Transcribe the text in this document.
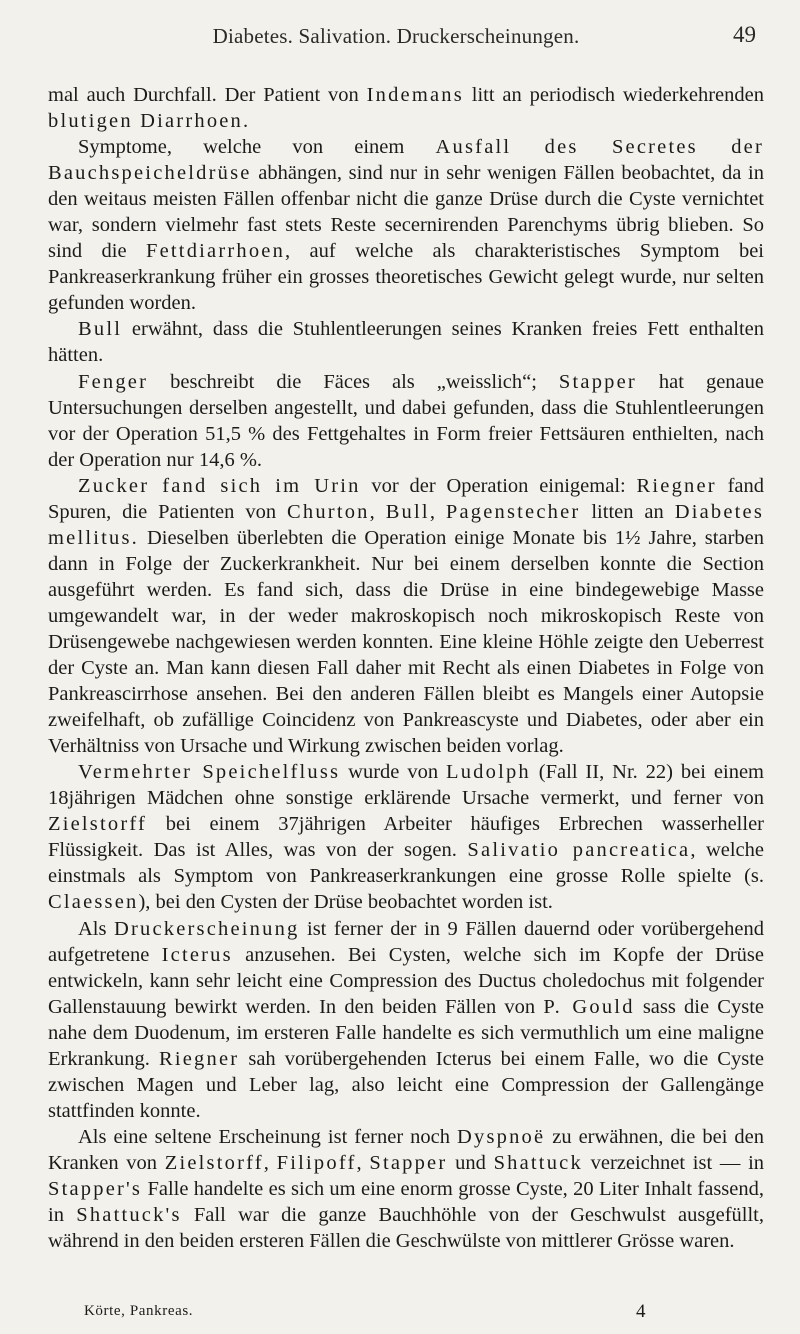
Diabetes. Salivation. Druckerscheinungen.	49

mal auch Durchfall. Der Patient von Indemans litt an periodisch wiederkehrenden blutigen Diarrhoen.

Symptome, welche von einem Ausfall des Secretes der Bauchspeicheldrüse abhängen, sind nur in sehr wenigen Fällen beobachtet, da in den weitaus meisten Fällen offenbar nicht die ganze Drüse durch die Cyste vernichtet war, sondern vielmehr fast stets Reste secernirenden Parenchyms übrig blieben. So sind die Fettdiarrhoen, auf welche als charakteristisches Symptom bei Pankreaserkrankung früher ein grosses theoretisches Gewicht gelegt wurde, nur selten gefunden worden.

Bull erwähnt, dass die Stuhlentleerungen seines Kranken freies Fett enthalten hätten.

Fenger beschreibt die Fäces als „weisslich“; Stapper hat genaue Untersuchungen derselben angestellt, und dabei gefunden, dass die Stuhlentleerungen vor der Operation 51,5 % des Fettgehaltes in Form freier Fettsäuren enthielten, nach der Operation nur 14,6 %.

Zucker fand sich im Urin vor der Operation einigemal: Riegner fand Spuren, die Patienten von Churton, Bull, Pagenstecher litten an Diabetes mellitus. Dieselben überlebten die Operation einige Monate bis 1½ Jahre, starben dann in Folge der Zuckerkrankheit. Nur bei einem derselben konnte die Section ausgeführt werden. Es fand sich, dass die Drüse in eine bindegewebige Masse umgewandelt war, in der weder makroskopisch noch mikroskopisch Reste von Drüsengewebe nachgewiesen werden konnten. Eine kleine Höhle zeigte den Ueberrest der Cyste an. Man kann diesen Fall daher mit Recht als einen Diabetes in Folge von Pankreascirrhose ansehen. Bei den anderen Fällen bleibt es Mangels einer Autopsie zweifelhaft, ob zufällige Coincidenz von Pankreascyste und Diabetes, oder aber ein Verhältniss von Ursache und Wirkung zwischen beiden vorlag.

Vermehrter Speichelfluss wurde von Ludolph (Fall II, Nr. 22) bei einem 18jährigen Mädchen ohne sonstige erklärende Ursache vermerkt, und ferner von Zielstorff bei einem 37jährigen Arbeiter häufiges Erbrechen wasserheller Flüssigkeit. Das ist Alles, was von der sogen. Salivatio pancreatica, welche einstmals als Symptom von Pankreaserkrankungen eine grosse Rolle spielte (s. Claessen), bei den Cysten der Drüse beobachtet worden ist.

Als Druckerscheinung ist ferner der in 9 Fällen dauernd oder vorübergehend aufgetretene Icterus anzusehen. Bei Cysten, welche sich im Kopfe der Drüse entwickeln, kann sehr leicht eine Compression des Ductus choledochus mit folgender Gallenstauung bewirkt werden. In den beiden Fällen von P. Gould sass die Cyste nahe dem Duodenum, im ersteren Falle handelte es sich vermuthlich um eine maligne Erkrankung. Riegner sah vorübergehenden Icterus bei einem Falle, wo die Cyste zwischen Magen und Leber lag, also leicht eine Compression der Gallengänge stattfinden konnte.

Als eine seltene Erscheinung ist ferner noch Dyspnoë zu erwähnen, die bei den Kranken von Zielstorff, Filipoff, Stapper und Shattuck verzeichnet ist — in Stapper's Falle handelte es sich um eine enorm grosse Cyste, 20 Liter Inhalt fassend, in Shattuck's Fall war die ganze Bauchhöhle von der Geschwulst ausgefüllt, während in den beiden ersteren Fällen die Geschwülste von mittlerer Grösse waren.

Körte, Pankreas.	4
